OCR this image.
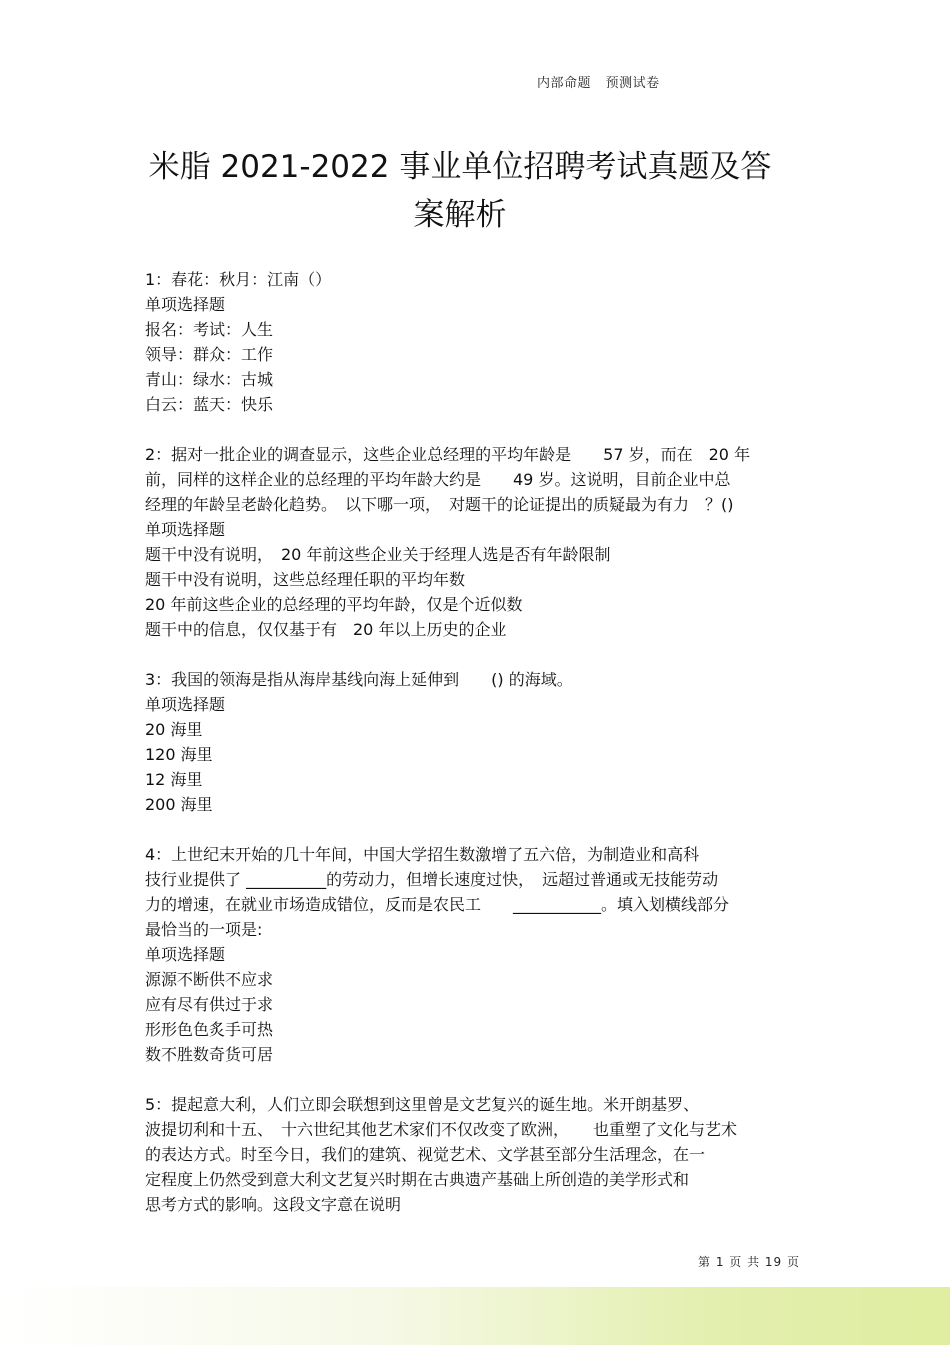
内部命题 预测试卷
米脂 2021-2022 事业单位招聘考试真题及答
案解析
1：春花：秋月：江南（）
单项选择题
报名：考试：人生
领导：群众：工作
青山：绿水：古城
白云：蓝天：快乐
2：据对一批企业的调查显示，这些企业总经理的平均年龄是　　57 岁，而在　20 年
前，同样的这样企业的总经理的平均年龄大约是　　49 岁。这说明，目前企业中总
经理的年龄呈老龄化趋势。　以下哪一项，　对题干的论证提出的质疑最为有力　？()
单项选择题
题干中没有说明，　20 年前这些企业关于经理人选是否有年龄限制
题干中没有说明，这些总经理任职的平均年数
20 年前这些企业的总经理的平均年龄，仅是个近似数
题干中的信息，仅仅基于有　20 年以上历史的企业
3：我国的领海是指从海岸基线向海上延伸到　　() 的海域。
单项选择题
20 海里
120 海里
12 海里
200 海里
4：上世纪末开始的几十年间，中国大学招生数激增了五六倍，为制造业和高科
技行业提供了 __________的劳动力，但增长速度过快，　远超过普通或无技能劳动
力的增速，在就业市场造成错位，反而是农民工　　___________。填入划横线部分
最恰当的一项是:
单项选择题
源源不断供不应求
应有尽有供过于求
形形色色炙手可热
数不胜数奇货可居
5：提起意大利，人们立即会联想到这里曾是文艺复兴的诞生地。米开朗基罗、
波提切利和十五、　十六世纪其他艺术家们不仅改变了欧洲，　　也重塑了文化与艺术
的表达方式。时至今日，我们的建筑、视觉艺术、文学甚至部分生活理念，在一
定程度上仍然受到意大利文艺复兴时期在古典遗产基础上所创造的美学形式和
思考方式的影响。这段文字意在说明
第 1 页 共 19 页
